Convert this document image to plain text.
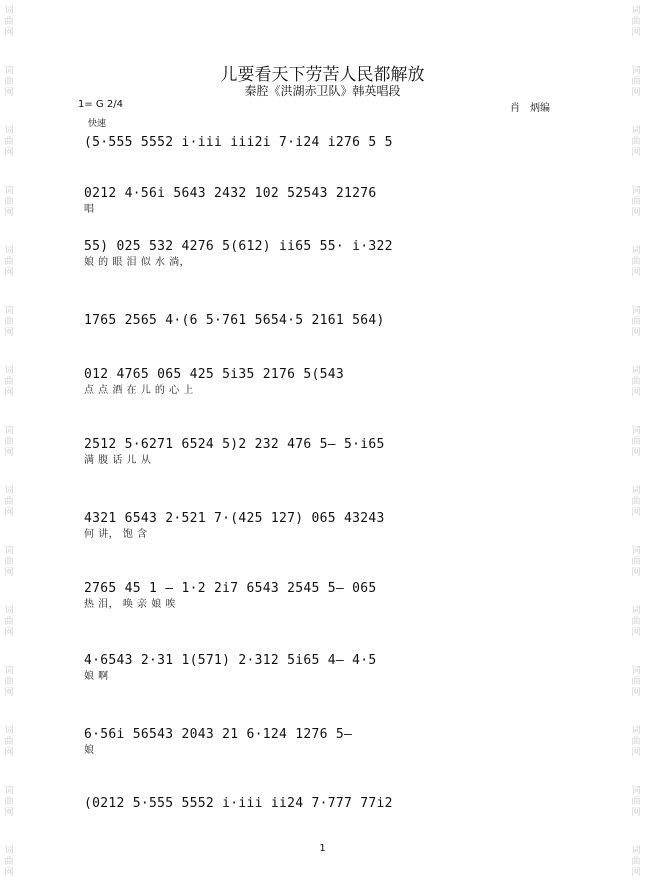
词曲网
词曲网
词曲网
词曲网
词曲网
词曲网
词曲网
词曲网
词曲网
词曲网
词曲网
词曲网
词曲网
词曲网
词曲网
词曲网
词曲网
词曲网
词曲网
词曲网
词曲网
词曲网
词曲网
词曲网
词曲网
词曲网
词曲网
词曲网
词曲网
词曲网
儿要看天下劳苦人民都解放
秦腔《洪湖赤卫队》韩英唱段
1= G 2/4
快速
肖　炳编
(5·555 5552 i·iii iii2i 7·i24 i276 5 5
0212 4·56i 5643 2432 102 52543 21276
唱
55) 025 532 4276 5(612) ii65 55· i·322
娘 的 眼 泪 似 水 淌，
1765 2565 4·(6 5·761 5654·5 2161 564)
012 4765 065 425 5i35 2176 5(543
点 点 酒 在 儿 的 心 上
2512 5·6271 6524 5)2 232 476 5– 5·i65
满 腹 话 儿 从
4321 6543 2·521 7·(425 127) 065 43243
何 讲， 饱 含
2765 45 1 – 1·2 2i7 6543 2545 5– 065
热 泪， 唤 亲 娘 唉
4·6543 2·31 1(571) 2·312 5i65 4– 4·5
娘 啊
6·56i 56543 2043 21 6·124 1276 5–
娘
(0212 5·555 5552 i·iii ii24 7·777 77i2
1
